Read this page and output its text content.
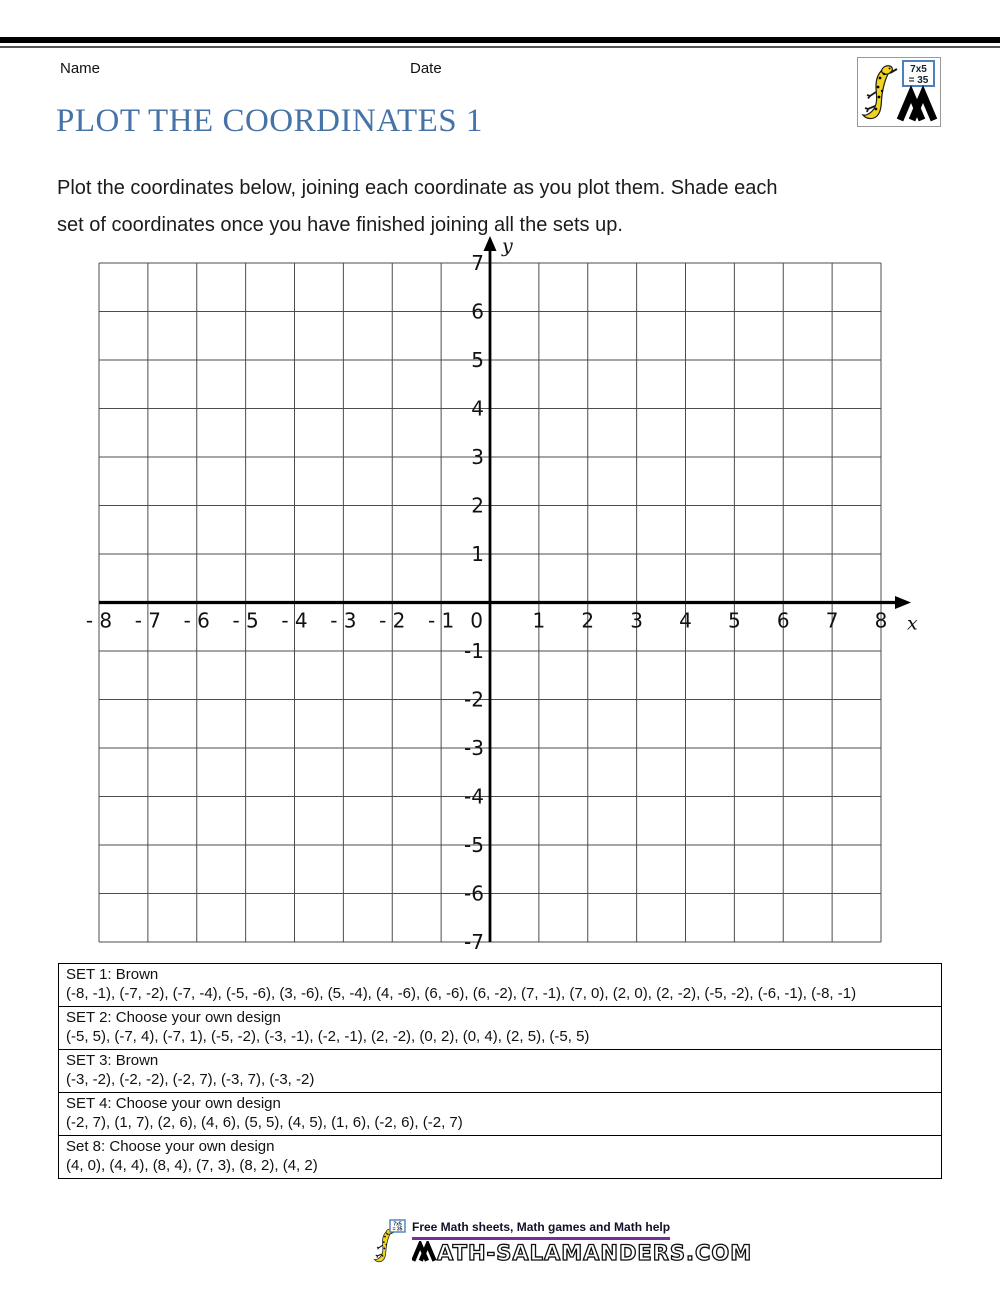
Name	Date	7x5
= 35
PLOT THE COORDINATES 1
Plot the coordinates below, joining each coordinate as you plot them. Shade each
set of coordinates once you have finished joining all the sets up.
- 8 - 7 - 6 - 5 - 4 - 3 - 2 - 1 0 1 2 3 4 5 6 7 8
7
6
5
4
3
2
1
-1
-2
-3
-4
-5
-6
-7
y
x
SET 1: Brown
(-8, -1), (-7, -2), (-7, -4), (-5, -6), (3, -6), (5, -4), (4, -6), (6, -6), (6, -2), (7, -1), (7, 0), (2, 0), (2, -2), (-5, -2), (-6, -1), (-8, -1)
SET 2: Choose your own design
(-5, 5), (-7, 4), (-7, 1), (-5, -2), (-3, -1), (-2, -1), (2, -2), (0, 2), (0, 4), (2, 5), (-5, 5)
SET 3: Brown
(-3, -2), (-2, -2), (-2, 7), (-3, 7), (-3, -2)
SET 4: Choose your own design
(-2, 7), (1, 7), (2, 6), (4, 6), (5, 5), (4, 5), (1, 6), (-2, 6), (-2, 7)
Set 8: Choose your own design
(4, 0), (4, 4), (8, 4), (7, 3), (8, 2), (4, 2)
7x5
= 35 Free Math sheets, Math games and Math help
ATH-SALAMANDERS.COM
